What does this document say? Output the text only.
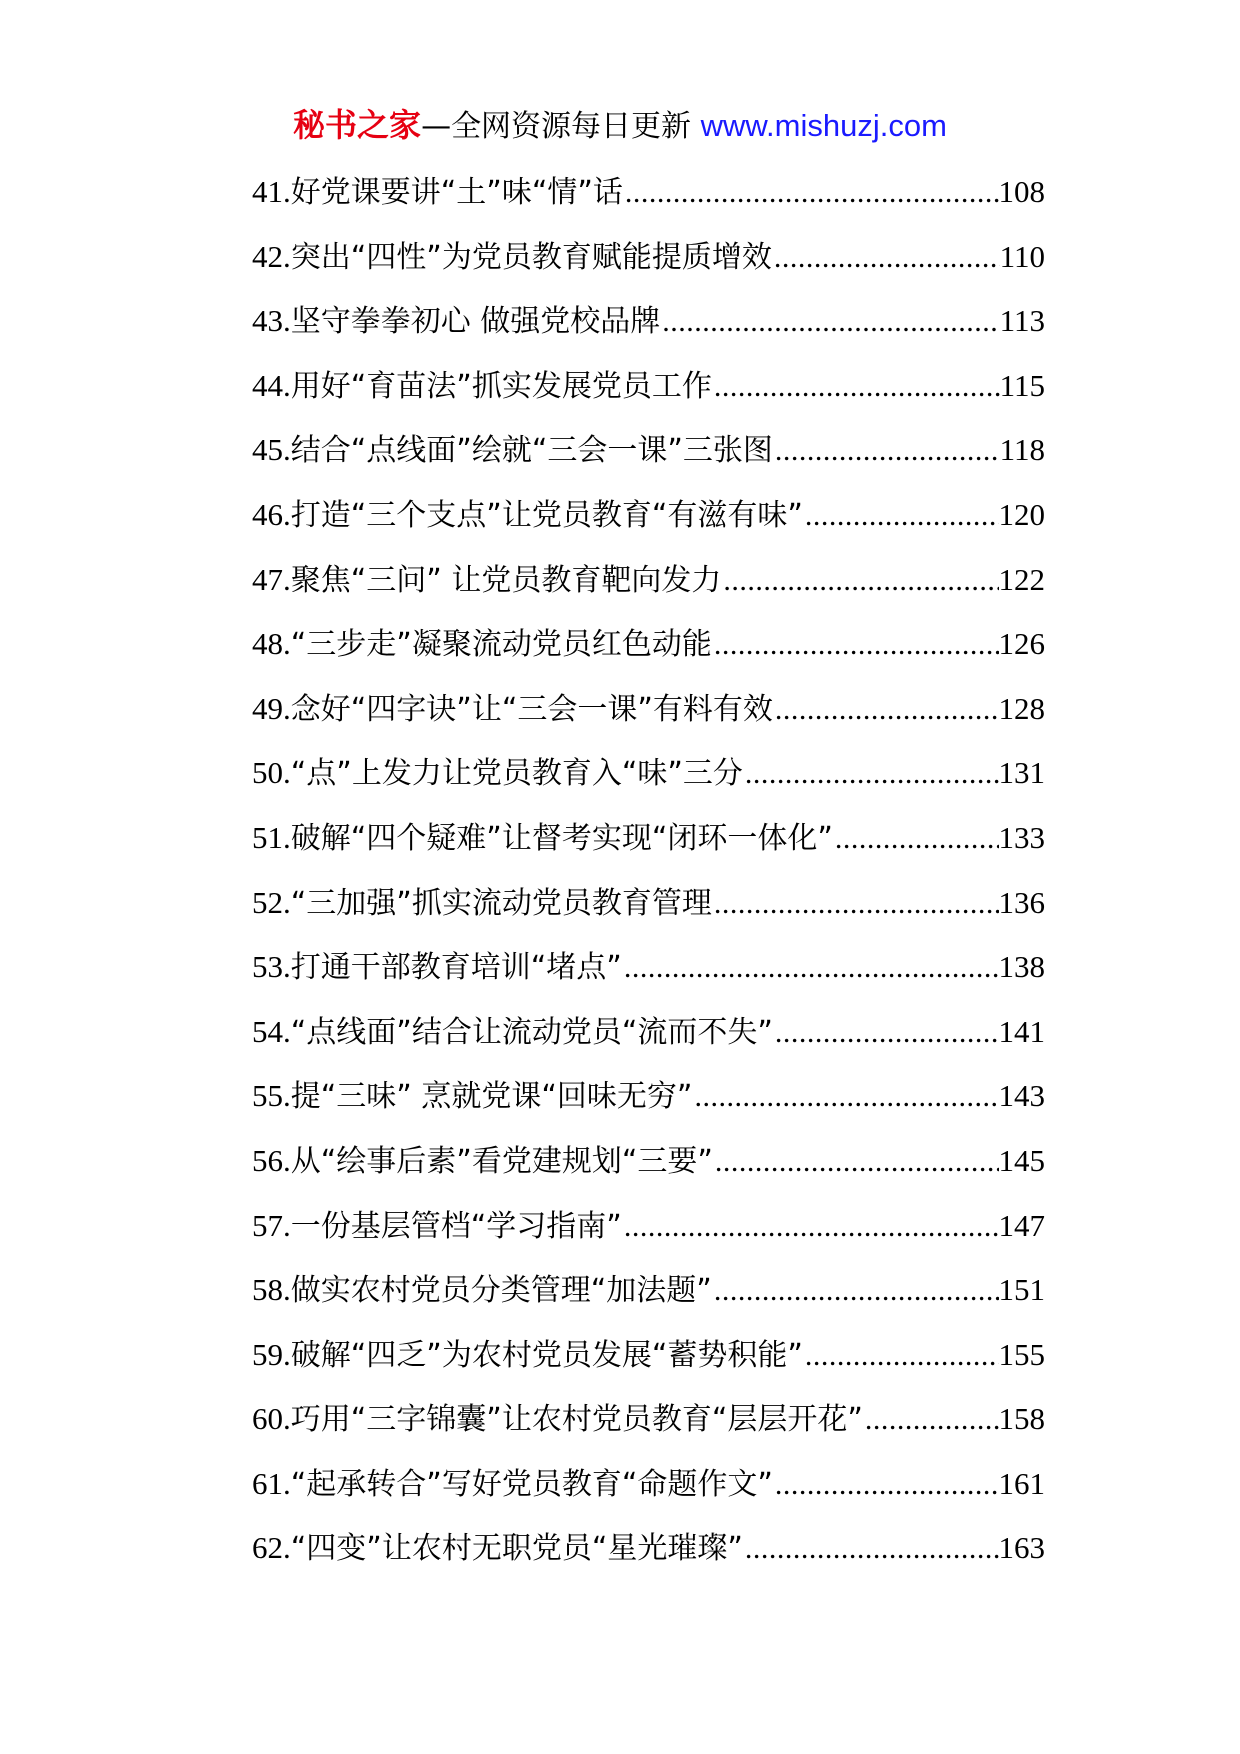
秘书之家—全网资源每日更新 www.mishuzj.com
41. 好党课要讲“土”味“情”话 .....	108
42. 突出“四性”为党员教育赋能提质增效 .....	110
43. 坚守拳拳初心 做强党校品牌 .....	113
44. 用好“育苗法”抓实发展党员工作 .....	115
45. 结合“点线面”绘就“三会一课”三张图 .....	118
46. 打造“三个支点”让党员教育“有滋有味” .....	120
47. 聚焦“三问” 让党员教育靶向发力 .....	122
48. “三步走”凝聚流动党员红色动能 .....	126
49. 念好“四字诀”让“三会一课”有料有效 .....	128
50. “点”上发力让党员教育入“味”三分 .....	131
51. 破解“四个疑难”让督考实现“闭环一体化” .....	133
52. “三加强”抓实流动党员教育管理 .....	136
53. 打通干部教育培训“堵点” .....	138
54. “点线面”结合让流动党员“流而不失” .....	141
55. 提“三味” 烹就党课“回味无穷” .....	143
56. 从“绘事后素”看党建规划“三要” .....	145
57. 一份基层管档“学习指南” .....	147
58. 做实农村党员分类管理“加法题” .....	151
59. 破解“四乏”为农村党员发展“蓄势积能” .....	155
60. 巧用“三字锦囊”让农村党员教育“层层开花” .....	158
61. “起承转合”写好党员教育“命题作文” .....	161
62. “四变”让农村无职党员“星光璀璨” .....	163
